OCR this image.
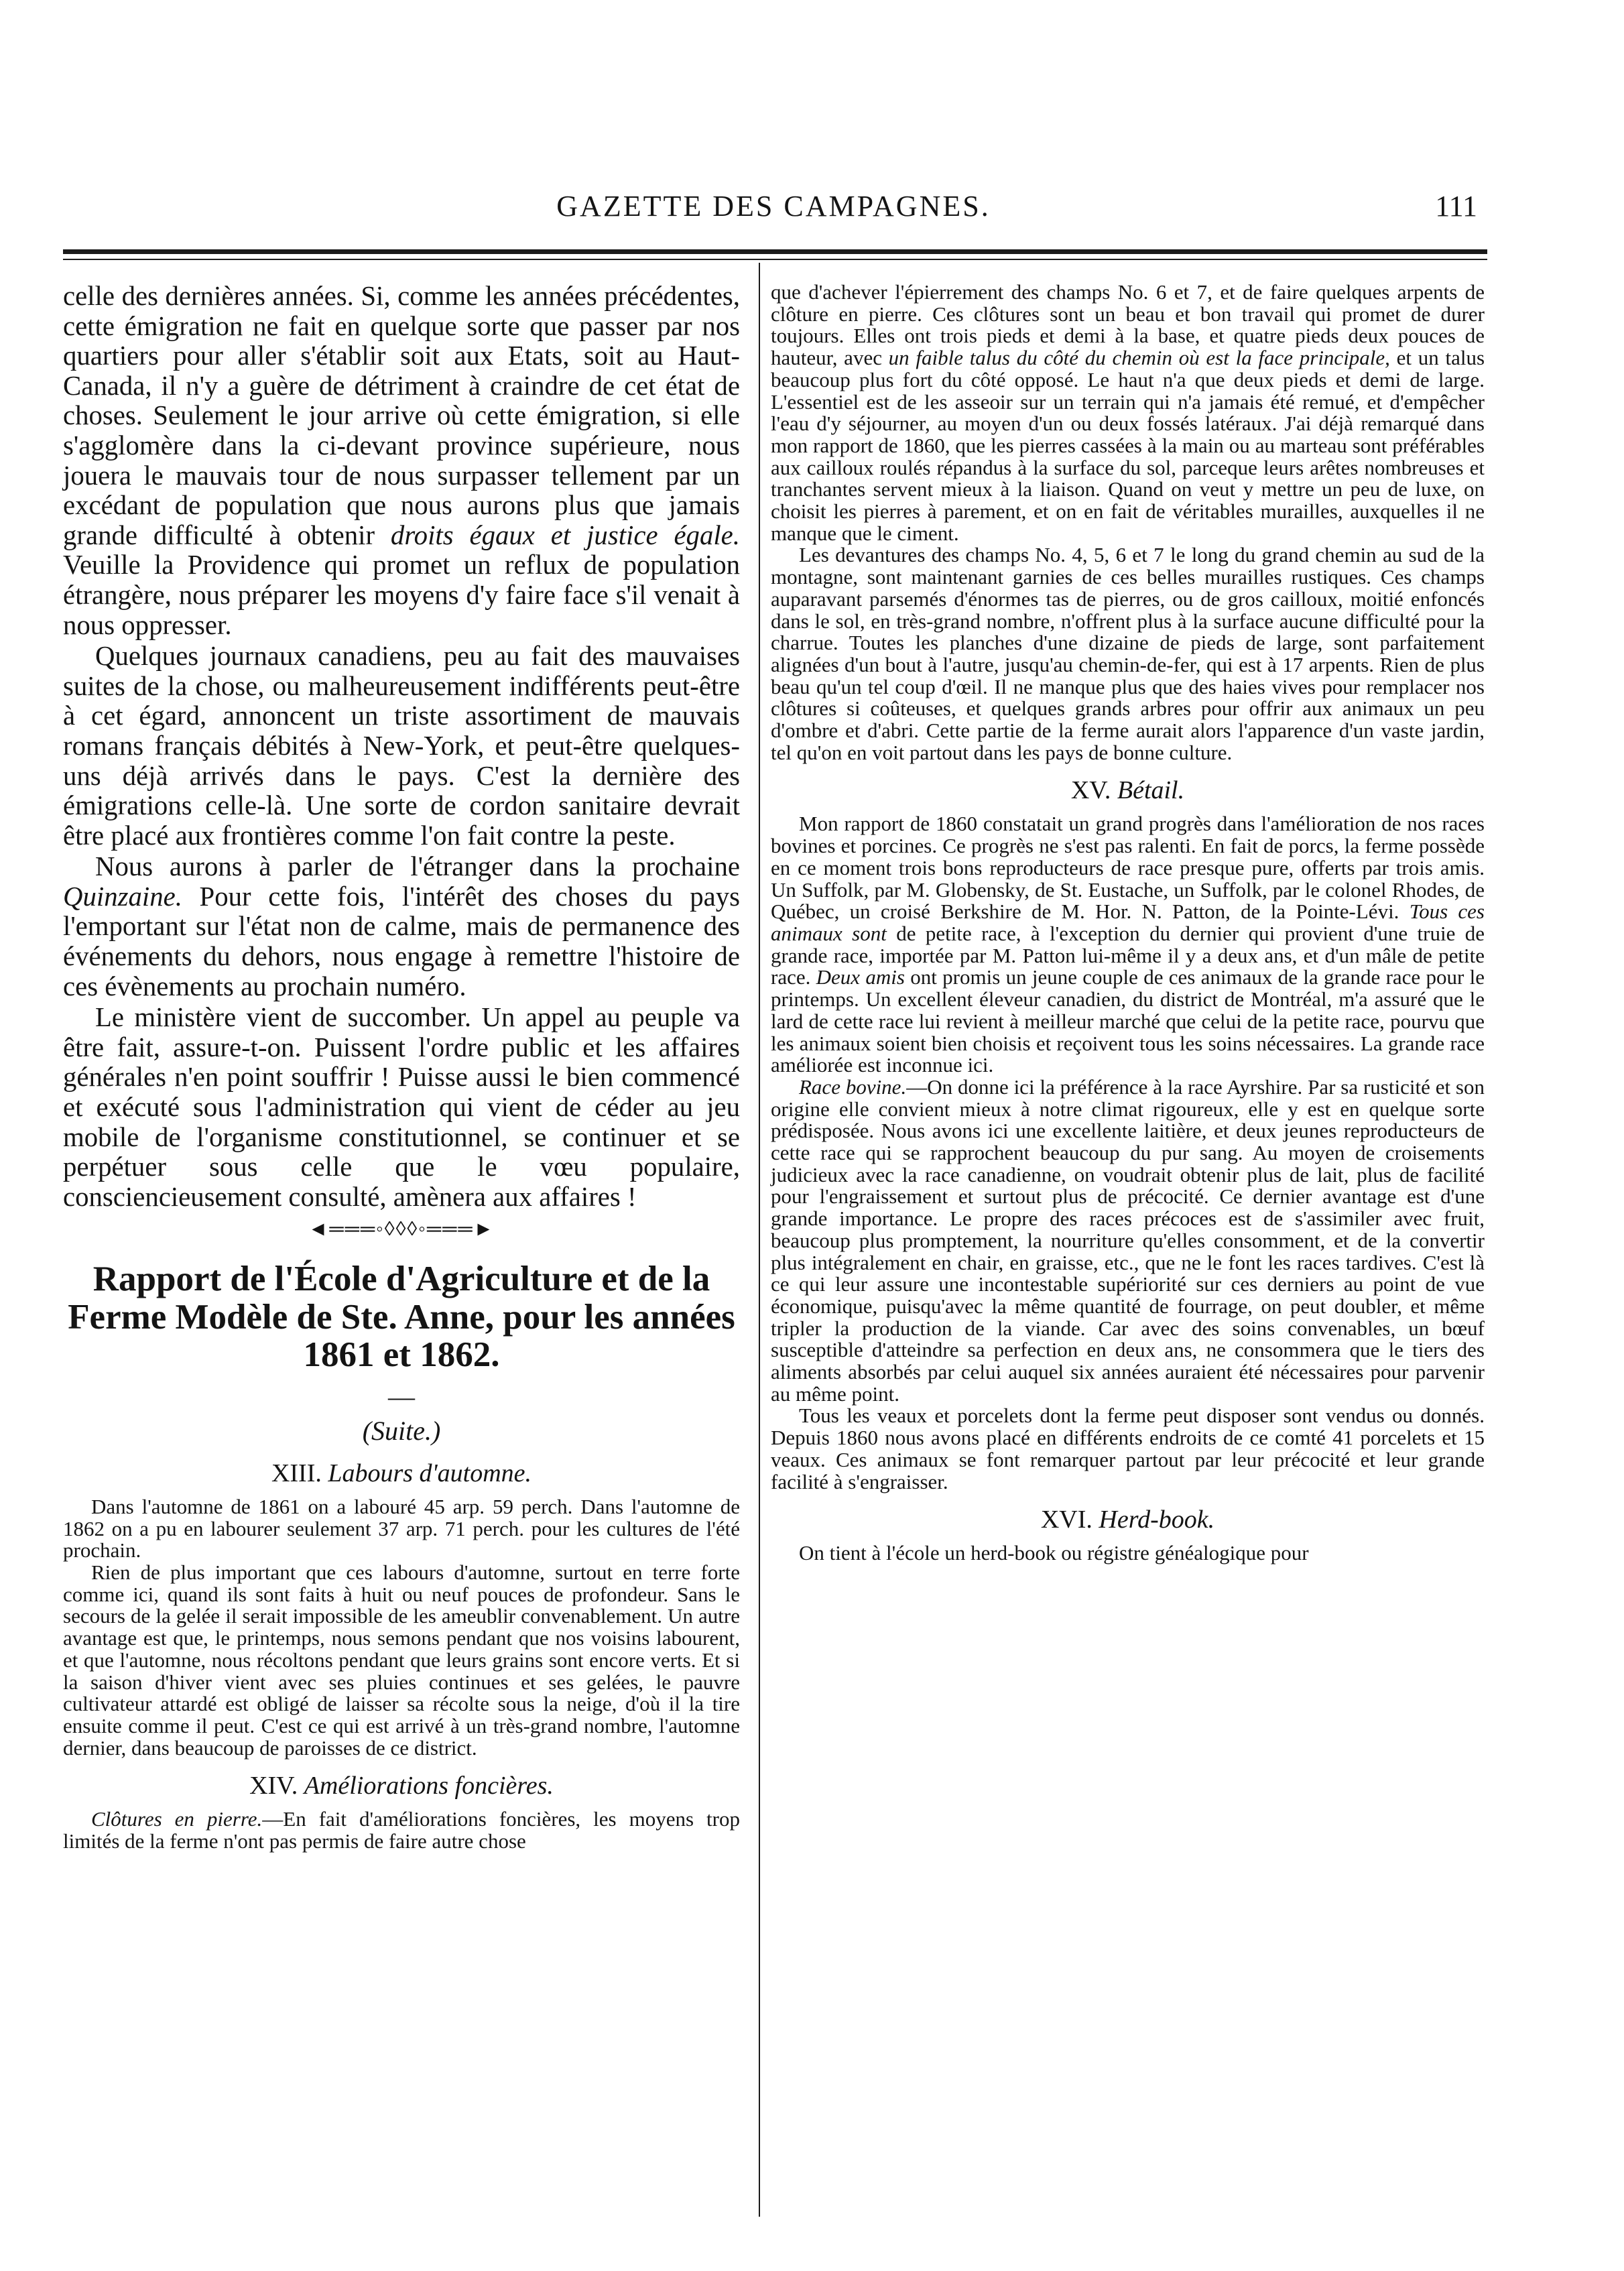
GAZETTE DES CAMPAGNES.	111

celle des dernières années. Si, comme les années précédentes, cette émigration ne fait en quelque sorte que passer par nos quartiers pour aller s'établir soit aux Etats, soit au Haut-Canada, il n'y a guère de détriment à craindre de cet état de choses. Seulement le jour arrive où cette émigration, si elle s'agglomère dans la ci-devant province supérieure, nous jouera le mauvais tour de nous surpasser tellement par un excédant de population que nous aurons plus que jamais grande difficulté à obtenir droits égaux et justice égale. Veuille la Providence qui promet un reflux de population étrangère, nous préparer les moyens d'y faire face s'il venait à nous oppresser.

Quelques journaux canadiens, peu au fait des mauvaises suites de la chose, ou malheureusement indifférents peut-être à cet égard, annoncent un triste assortiment de mauvais romans français débités à New-York, et peut-être quelques-uns déjà arrivés dans le pays. C'est la dernière des émigrations celle-là. Une sorte de cordon sanitaire devrait être placé aux frontières comme l'on fait contre la peste.

Nous aurons à parler de l'étranger dans la prochaine Quinzaine. Pour cette fois, l'intérêt des choses du pays l'emportant sur l'état non de calme, mais de permanence des événements du dehors, nous engage à remettre l'histoire de ces évènements au prochain numéro.

Le ministère vient de succomber. Un appel au peuple va être fait, assure-t-on. Puissent l'ordre public et les affaires générales n'en point souffrir ! Puisse aussi le bien commencé et exécuté sous l'administration qui vient de céder au jeu mobile de l'organisme constitutionnel, se continuer et se perpétuer sous celle que le vœu populaire, consciencieusement consulté, amènera aux affaires !

◄═══◦◊◊◊◦═══►
Rapport de l'École d'Agriculture et de la Ferme Modèle de Ste. Anne, pour les années 1861 et 1862.
—
(Suite.)
XIII. Labours d'automne.

Dans l'automne de 1861 on a labouré 45 arp. 59 perch. Dans l'automne de 1862 on a pu en labourer seulement 37 arp. 71 perch. pour les cultures de l'été prochain.

Rien de plus important que ces labours d'automne, surtout en terre forte comme ici, quand ils sont faits à huit ou neuf pouces de profondeur. Sans le secours de la gelée il serait impossible de les ameublir convenablement. Un autre avantage est que, le printemps, nous semons pendant que nos voisins labourent, et que l'automne, nous récoltons pendant que leurs grains sont encore verts. Et si la saison d'hiver vient avec ses pluies continues et ses gelées, le pauvre cultivateur attardé est obligé de laisser sa récolte sous la neige, d'où il la tire ensuite comme il peut. C'est ce qui est arrivé à un très-grand nombre, l'automne dernier, dans beaucoup de paroisses de ce district.

XIV. Améliorations foncières.

Clôtures en pierre.—En fait d'améliorations foncières, les moyens trop limités de la ferme n'ont pas permis de faire autre chose

que d'achever l'épierrement des champs No. 6 et 7, et de faire quelques arpents de clôture en pierre. Ces clôtures sont un beau et bon travail qui promet de durer toujours. Elles ont trois pieds et demi à la base, et quatre pieds deux pouces de hauteur, avec un faible talus du côté du chemin où est la face principale, et un talus beaucoup plus fort du côté opposé. Le haut n'a que deux pieds et demi de large. L'essentiel est de les asseoir sur un terrain qui n'a jamais été remué, et d'empêcher l'eau d'y séjourner, au moyen d'un ou deux fossés latéraux. J'ai déjà remarqué dans mon rapport de 1860, que les pierres cassées à la main ou au marteau sont préférables aux cailloux roulés répandus à la surface du sol, parceque leurs arêtes nombreuses et tranchantes servent mieux à la liaison. Quand on veut y mettre un peu de luxe, on choisit les pierres à parement, et on en fait de véritables murailles, auxquelles il ne manque que le ciment.

Les devantures des champs No. 4, 5, 6 et 7 le long du grand chemin au sud de la montagne, sont maintenant garnies de ces belles murailles rustiques. Ces champs auparavant parsemés d'énormes tas de pierres, ou de gros cailloux, moitié enfoncés dans le sol, en très-grand nombre, n'offrent plus à la surface aucune difficulté pour la charrue. Toutes les planches d'une dizaine de pieds de large, sont parfaitement alignées d'un bout à l'autre, jusqu'au chemin-de-fer, qui est à 17 arpents. Rien de plus beau qu'un tel coup d'œil. Il ne manque plus que des haies vives pour remplacer nos clôtures si coûteuses, et quelques grands arbres pour offrir aux animaux un peu d'ombre et d'abri. Cette partie de la ferme aurait alors l'apparence d'un vaste jardin, tel qu'on en voit partout dans les pays de bonne culture.

XV. Bétail.

Mon rapport de 1860 constatait un grand progrès dans l'amélioration de nos races bovines et porcines. Ce progrès ne s'est pas ralenti. En fait de porcs, la ferme possède en ce moment trois bons reproducteurs de race presque pure, offerts par trois amis. Un Suffolk, par M. Globensky, de St. Eustache, un Suffolk, par le colonel Rhodes, de Québec, un croisé Berkshire de M. Hor. N. Patton, de la Pointe-Lévi. Tous ces animaux sont de petite race, à l'exception du dernier qui provient d'une truie de grande race, importée par M. Patton lui-même il y a deux ans, et d'un mâle de petite race. Deux amis ont promis un jeune couple de ces animaux de la grande race pour le printemps. Un excellent éleveur canadien, du district de Montréal, m'a assuré que le lard de cette race lui revient à meilleur marché que celui de la petite race, pourvu que les animaux soient bien choisis et reçoivent tous les soins nécessaires. La grande race améliorée est inconnue ici.

Race bovine.—On donne ici la préférence à la race Ayrshire. Par sa rusticité et son origine elle convient mieux à notre climat rigoureux, elle y est en quelque sorte prédisposée. Nous avons ici une excellente laitière, et deux jeunes reproducteurs de cette race qui se rapprochent beaucoup du pur sang. Au moyen de croisements judicieux avec la race canadienne, on voudrait obtenir plus de lait, plus de facilité pour l'engraissement et surtout plus de précocité. Ce dernier avantage est d'une grande importance. Le propre des races précoces est de s'assimiler avec fruit, beaucoup plus promptement, la nourriture qu'elles consomment, et de la convertir plus intégralement en chair, en graisse, etc., que ne le font les races tardives. C'est là ce qui leur assure une incontestable supériorité sur ces derniers au point de vue économique, puisqu'avec la même quantité de fourrage, on peut doubler, et même tripler la production de la viande. Car avec des soins convenables, un bœuf susceptible d'atteindre sa perfection en deux ans, ne consommera que le tiers des aliments absorbés par celui auquel six années auraient été nécessaires pour parvenir au même point.

Tous les veaux et porcelets dont la ferme peut disposer sont vendus ou donnés. Depuis 1860 nous avons placé en différents endroits de ce comté 41 porcelets et 15 veaux. Ces animaux se font remarquer partout par leur précocité et leur grande facilité à s'engraisser.

XVI. Herd-book.

On tient à l'école un herd-book ou régistre généalogique pour
